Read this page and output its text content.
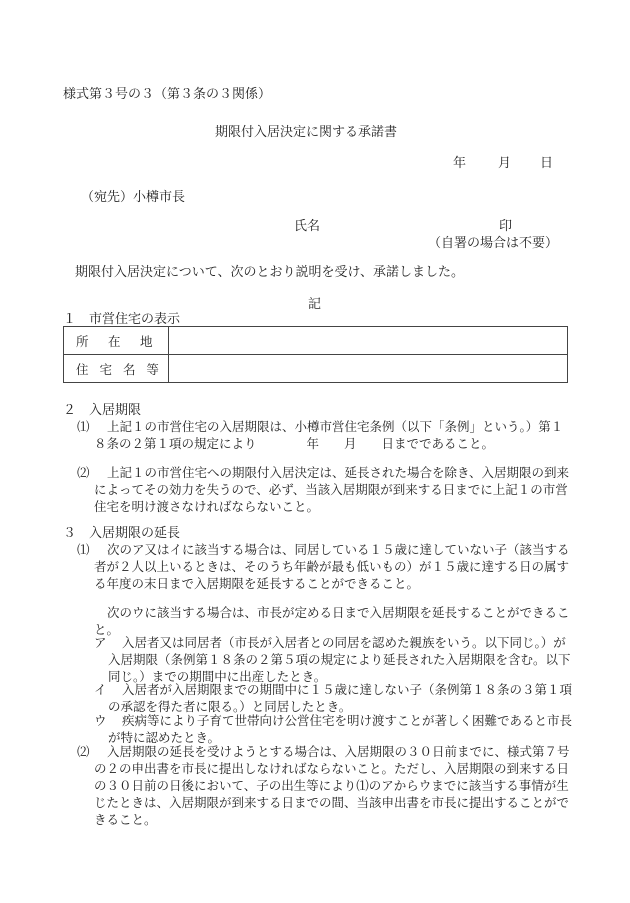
様式第３号の３（第３条の３関係）
期限付入居決定に関する承諾書
年 月 日
（宛先）小樽市長
氏名	印
（自署の場合は不要）
期限付入居決定について、次のとおり説明を受け、承諾しました。
記
１　市営住宅の表示
所　在　地	
住 宅 名 等	
２　入居期限
⑴	上記１の市営住宅の入居期限は、小樽市営住宅条例（以下「条例」という。）第１８条の２第１項の規定により　　　　年　　月　　日までであること。
⑵	上記１の市営住宅への期限付入居決定は、延長された場合を除き、入居期限の到来によってその効力を失うので、必ず、当該入居期限が到来する日までに上記１の市営住宅を明け渡さなければならないこと。
３　入居期限の延長
⑴	次のア又はイに該当する場合は、同居している１５歳に達していない子（該当する者が２人以上いるときは、そのうち年齢が最も低いもの）が１５歳に達する日の属する年度の末日まで入居期限を延長することができること。
次のウに該当する場合は、市長が定める日まで入居期限を延長することができること。
ア	入居者又は同居者（市長が入居者との同居を認めた親族をいう。以下同じ。）が入居期限（条例第１８条の２第５項の規定により延長された入居期限を含む。以下同じ。）までの期間中に出産したとき。
イ	入居者が入居期限までの期間中に１５歳に達しない子（条例第１８条の３第１項の承認を得た者に限る。）と同居したとき。
ウ	疾病等により子育て世帯向け公営住宅を明け渡すことが著しく困難であると市長が特に認めたとき。
⑵	入居期限の延長を受けようとする場合は、入居期限の３０日前までに、様式第７号の２の申出書を市長に提出しなければならないこと。ただし、入居期限の到来する日の３０日前の日後において、子の出生等により⑴のアからウまでに該当する事情が生じたときは、入居期限が到来する日までの間、当該申出書を市長に提出することができること。
